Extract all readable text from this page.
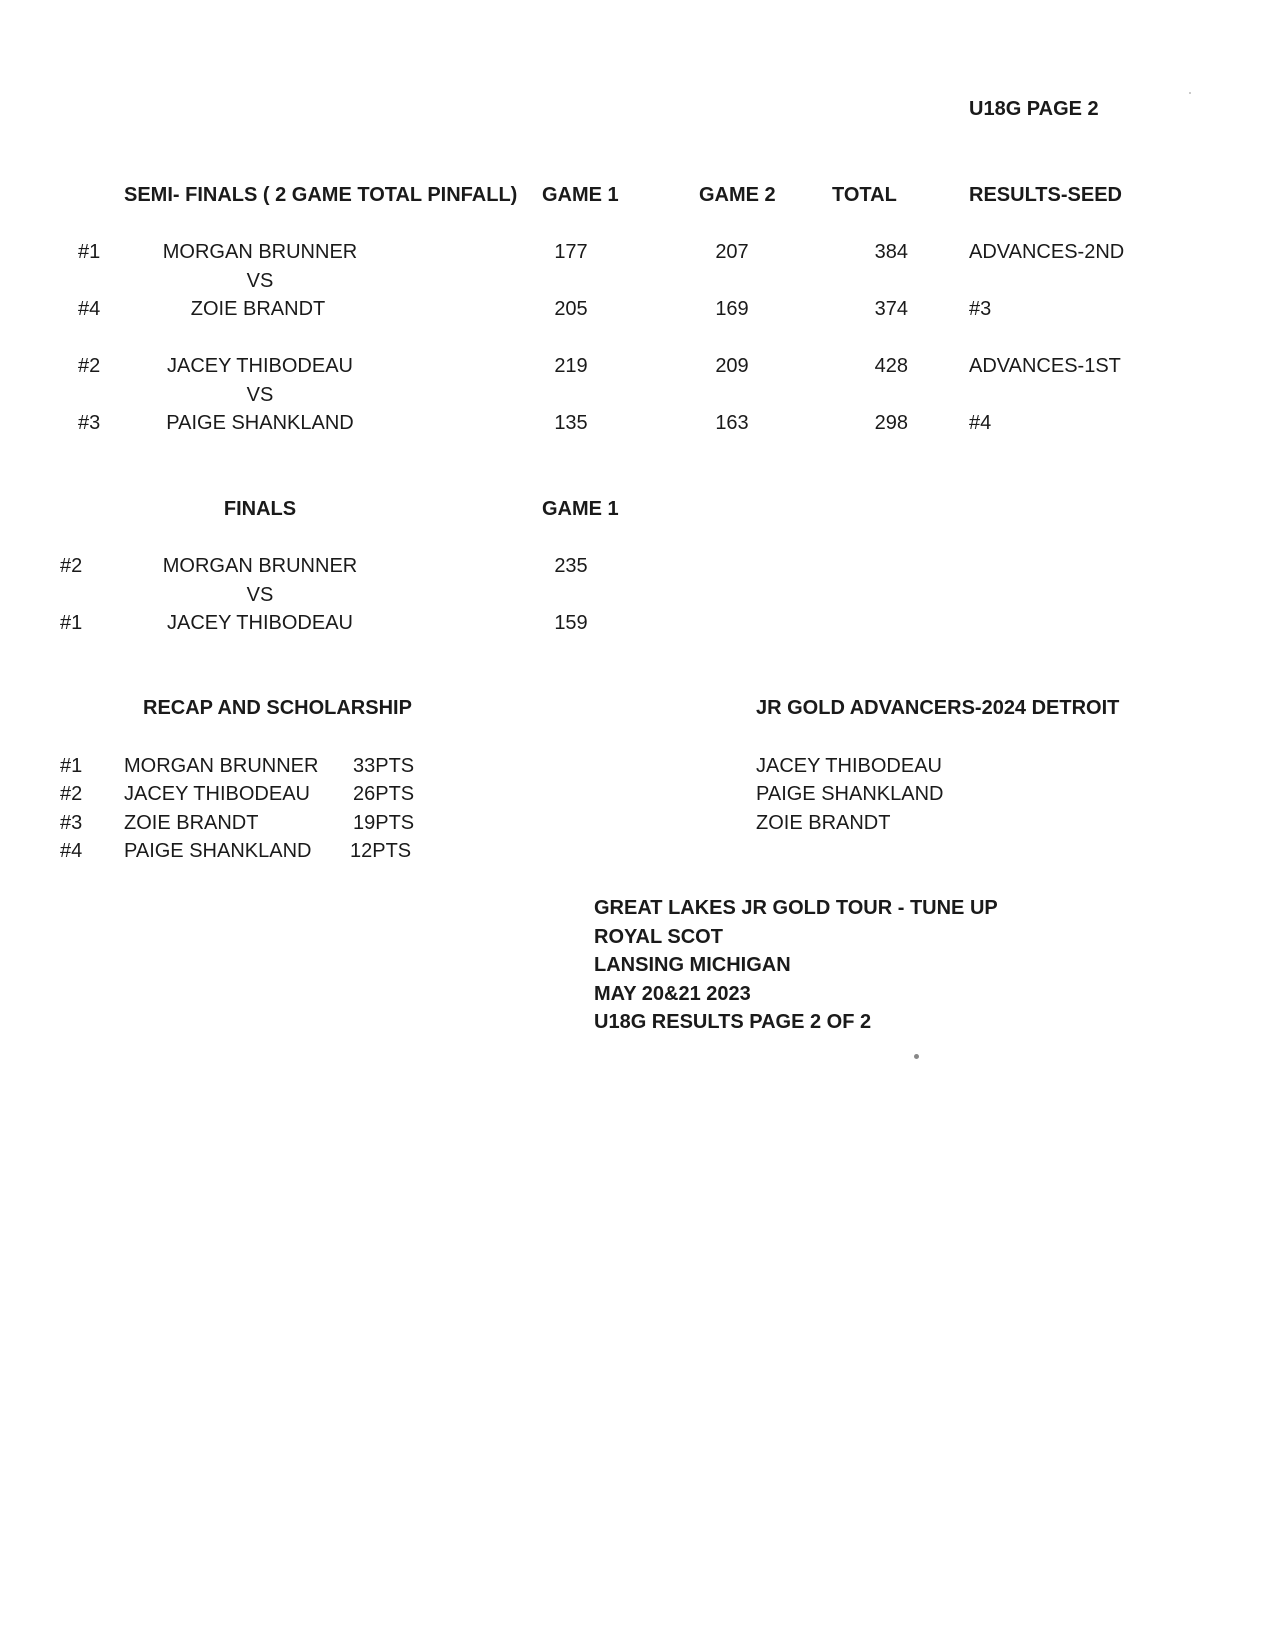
U18G PAGE 2
SEMI- FINALS ( 2 GAME TOTAL PINFALL) GAME 1	GAME 2	TOTAL	RESULTS-SEED
#1	MORGAN BRUNNER	177	207	384	ADVANCES-2ND
VS
#4	ZOIE BRANDT	205	169	374	#3
#2	JACEY THIBODEAU	219	209	428	ADVANCES-1ST
VS
#3	PAIGE SHANKLAND	135	163	298	#4
FINALS	GAME 1
#2	MORGAN BRUNNER	235
VS
#1	JACEY THIBODEAU	159
RECAP AND SCHOLARSHIP
#1 MORGAN BRUNNER 33PTS
#2 JACEY THIBODEAU 26PTS
#3 ZOIE BRANDT	19PTS
#4 PAIGE SHANKLAND 12PTS
JR GOLD ADVANCERS-2024 DETROIT
JACEY THIBODEAU
PAIGE SHANKLAND
ZOIE BRANDT
GREAT LAKES JR GOLD TOUR - TUNE UP
ROYAL SCOT
LANSING MICHIGAN
MAY 20&21 2023
U18G RESULTS PAGE 2 OF 2
